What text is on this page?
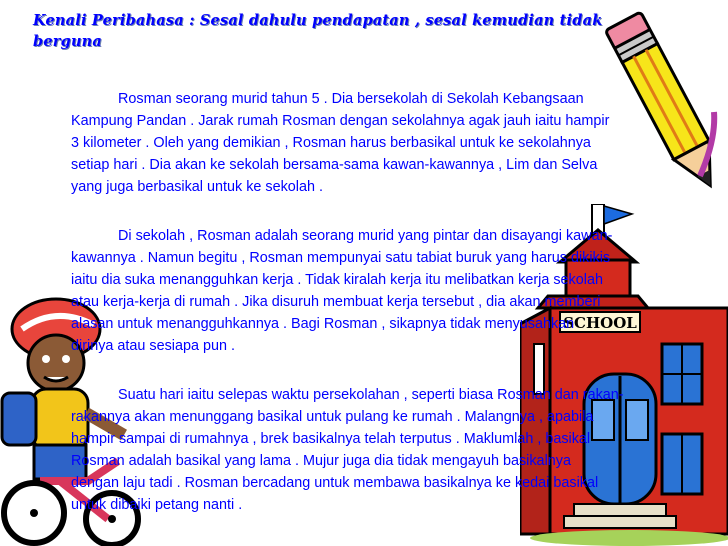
Kenali Peribahasa : Sesal dahulu pendapatan , sesal kemudian tidak berguna
SCHOOL

Rosman seorang murid tahun 5 . Dia bersekolah di Sekolah Kebangsaan
Kampung Pandan . Jarak rumah Rosman dengan sekolahnya agak jauh iaitu hampir
3 kilometer . Oleh yang demikian , Rosman harus berbasikal untuk ke sekolahnya
setiap hari . Dia akan ke sekolah bersama-sama kawan-kawannya , Lim dan Selva
yang juga berbasikal untuk ke sekolah .

Di sekolah , Rosman adalah seorang murid yang pintar dan disayangi kawan-
kawannya . Namun begitu , Rosman mempunyai satu tabiat buruk yang harus dikikis
iaitu dia suka menangguhkan kerja . Tidak kiralah kerja itu melibatkan kerja sekolah
atau kerja-kerja di rumah . Jika disuruh membuat kerja tersebut , dia akan memberi
alasan untuk menangguhkannya . Bagi Rosman , sikapnya tidak menyusahkan
dirinya atau sesiapa pun .

Suatu hari iaitu selepas waktu persekolahan , seperti biasa Rosman dan rakan-
rakannya akan menunggang basikal untuk pulang ke rumah . Malangnya , apabila
hampir sampai di rumahnya , brek basikalnya telah terputus . Maklumlah , basikal
Rosman adalah basikal yang lama . Mujur juga dia tidak mengayuh basikalnya
dengan laju tadi . Rosman bercadang untuk membawa basikalnya ke kedai basikal
untuk dibaiki petang nanti .
